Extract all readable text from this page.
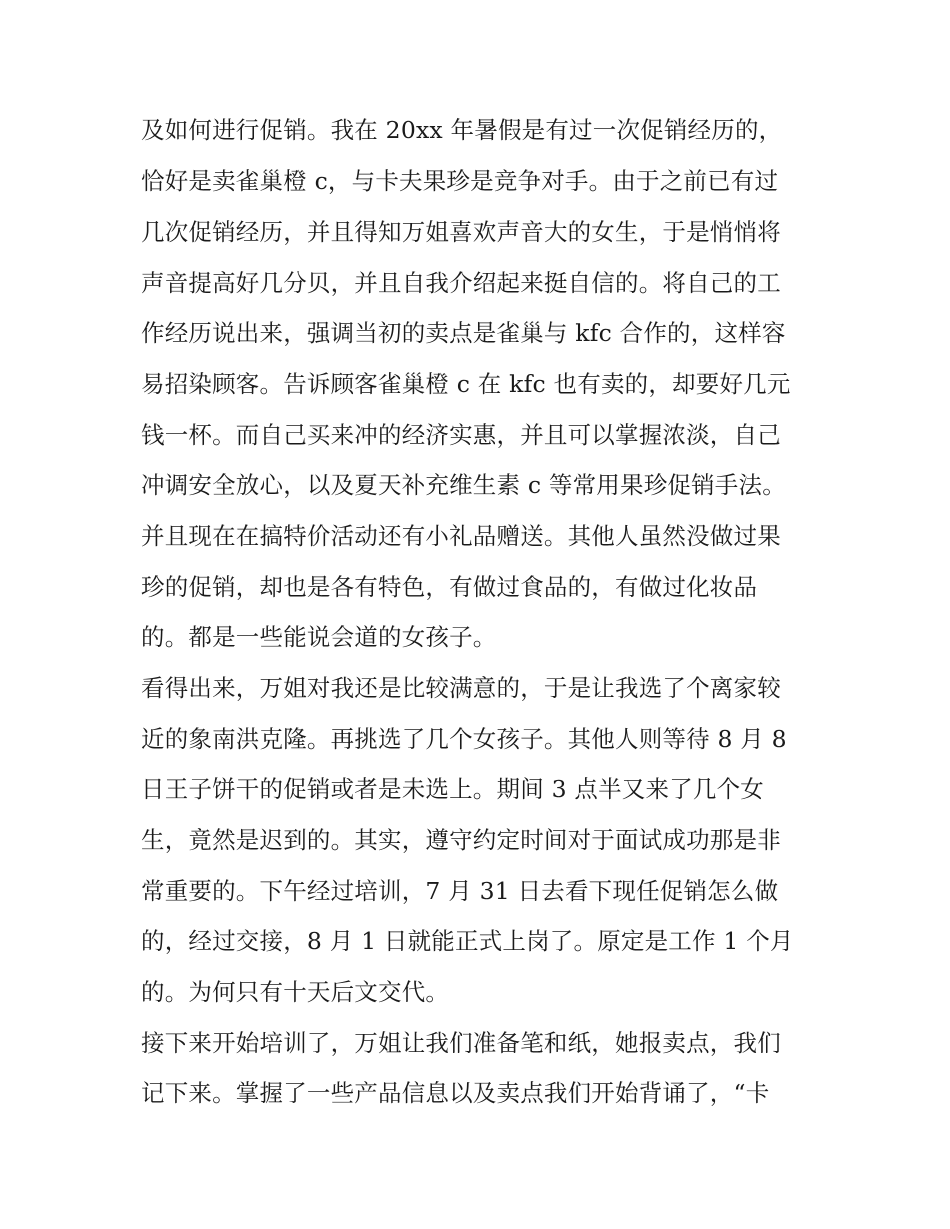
及如何进行促销。我在 20xx 年暑假是有过一次促销经历的，
恰好是卖雀巢橙 c，与卡夫果珍是竞争对手。由于之前已有过
几次促销经历，并且得知万姐喜欢声音大的女生，于是悄悄将
声音提高好几分贝，并且自我介绍起来挺自信的。将自己的工
作经历说出来，强调当初的卖点是雀巢与 kfc 合作的，这样容
易招染顾客。告诉顾客雀巢橙 c 在 kfc 也有卖的，却要好几元
钱一杯。而自己买来冲的经济实惠，并且可以掌握浓淡，自己
冲调安全放心，以及夏天补充维生素 c 等常用果珍促销手法。
并且现在在搞特价活动还有小礼品赠送。其他人虽然没做过果
珍的促销，却也是各有特色，有做过食品的，有做过化妆品
的。都是一些能说会道的女孩子。
看得出来，万姐对我还是比较满意的，于是让我选了个离家较
近的象南洪克隆。再挑选了几个女孩子。其他人则等待 8 月 8
日王子饼干的促销或者是未选上。期间 3 点半又来了几个女
生，竟然是迟到的。其实，遵守约定时间对于面试成功那是非
常重要的。下午经过培训，7 月 31 日去看下现任促销怎么做
的，经过交接，8 月 1 日就能正式上岗了。原定是工作 1 个月
的。为何只有十天后文交代。
接下来开始培训了，万姐让我们准备笔和纸，她报卖点，我们
记下来。掌握了一些产品信息以及卖点我们开始背诵了，“卡
